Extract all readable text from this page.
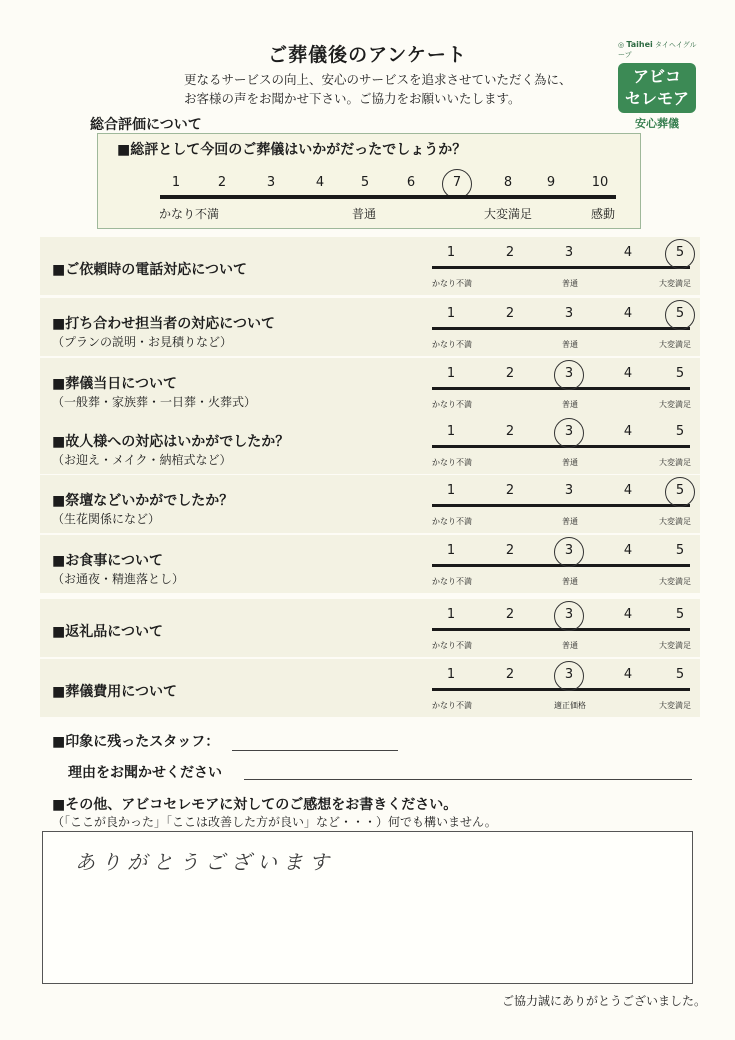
ご葬儀後のアンケート
更なるサービスの向上、安心のサービスを追求させていただく為に、
お客様の声をお聞かせ下さい。ご協力をお願いいたします。
◎ Taihei タイヘイグループ
アビコ
セレモア
安心葬儀
総合評価について
■総評として今回のご葬儀はいかがだったでしょうか？
1	2	3	4	5	6	7	8	9	10
かなり不満	普通	大変満足	感動
■ご依頼時の電話対応について
1	2	3	4	5
かなり不満	普通	大変満足
■打ち合わせ担当者の対応について
（プランの説明・お見積りなど）
1	2	3	4	5
かなり不満	普通	大変満足
■葬儀当日について
（一般葬・家族葬・一日葬・火葬式）
1	2	3	4	5
かなり不満	普通	大変満足
■故人様への対応はいかがでしたか？
（お迎え・メイク・納棺式など）
1	2	3	4	5
かなり不満	普通	大変満足
■祭壇などいかがでしたか？
（生花関係になど）
1	2	3	4	5
かなり不満	普通	大変満足
■お食事について
（お通夜・精進落とし）
1	2	3	4	5
かなり不満	普通	大変満足
■返礼品について
1	2	3	4	5
かなり不満	普通	大変満足
■葬儀費用について
1	2	3	4	5
かなり不満	適正価格	大変満足
■印象に残ったスタッフ：
理由をお聞かせください
■その他、アビコセレモアに対してのご感想をお書きください。
（「ここが良かった」「ここは改善した方が良い」など・・・）何でも構いません。
ありがとうございます
ご協力誠にありがとうございました。
